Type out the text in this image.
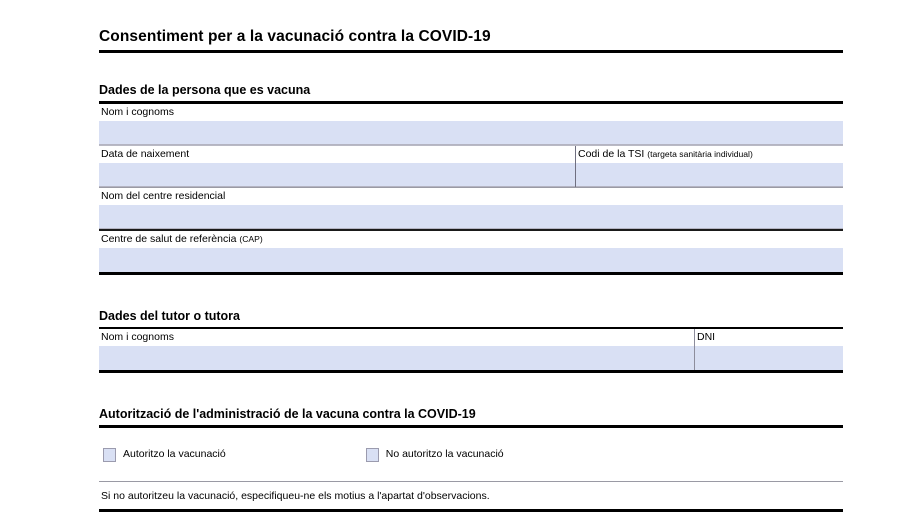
Consentiment per a la vacunació contra la COVID-19
Dades de la persona que es vacuna
Nom i cognoms
Data de naixement	Codi de la TSI (targeta sanitària individual)
Nom del centre residencial
Centre de salut de referència (CAP)
Dades del tutor o tutora
Nom i cognoms	DNI
Autorització de l'administració de la vacuna contra la COVID-19
Autoritzo la vacunació	No autoritzo la vacunació
Si no autoritzeu la vacunació, especifiqueu-ne els motius a l'apartat d'observacions.
